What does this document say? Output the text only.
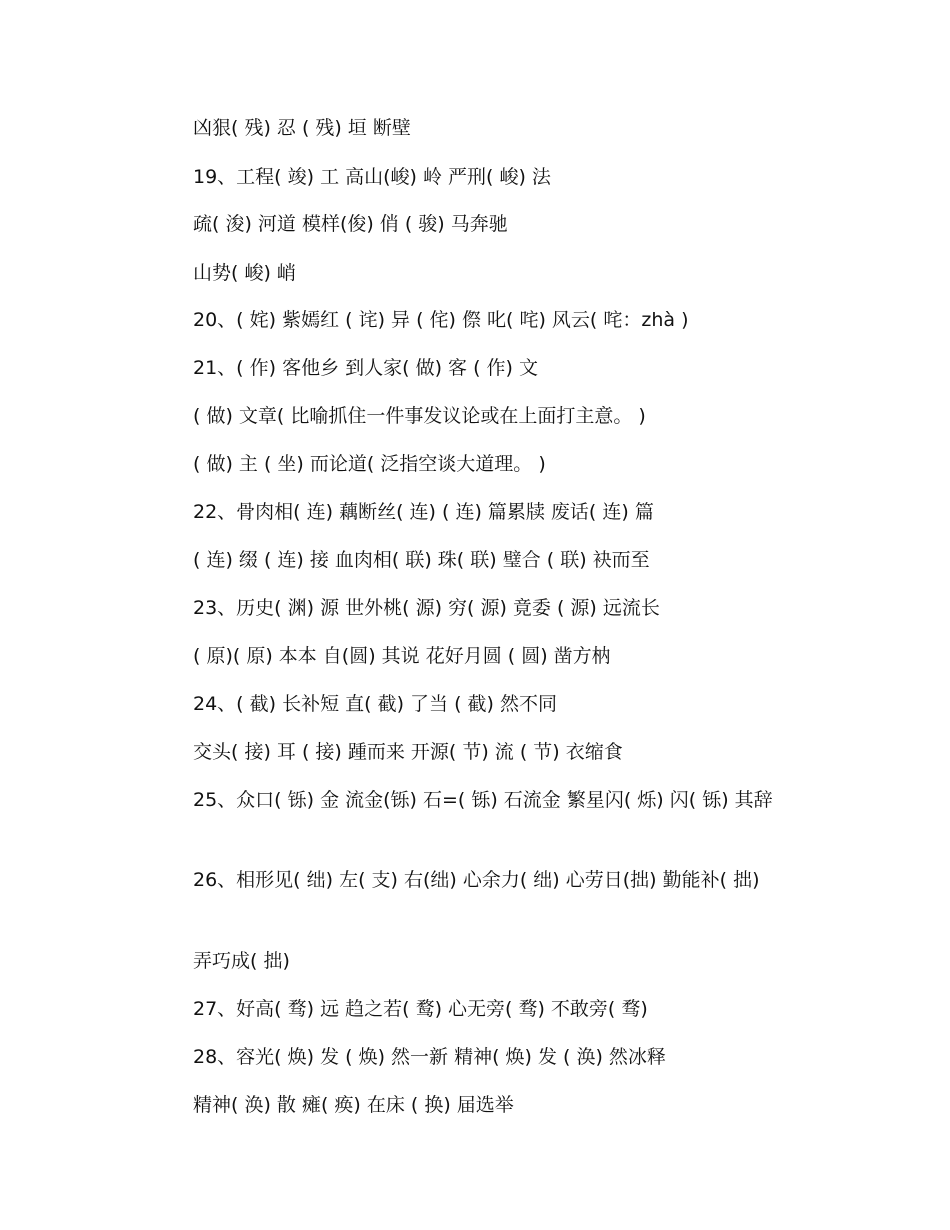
凶狠( 残) 忍 ( 残) 垣 断壁
19、工程( 竣) 工 高山(峻) 岭 严刑( 峻) 法
疏( 浚) 河道 模样(俊) 俏 ( 骏) 马奔驰
山势( 峻) 峭
20、( 姹) 紫嫣红 ( 诧) 异 ( 侘) 傺 叱( 咤) 风云( 咤：zhà )
21、( 作) 客他乡 到人家( 做) 客 ( 作) 文
( 做) 文章( 比喻抓住一件事发议论或在上面打主意。 )
( 做) 主 ( 坐) 而论道( 泛指空谈大道理。 )
22、骨肉相( 连) 藕断丝( 连) ( 连) 篇累牍 废话( 连) 篇
( 连) 缀 ( 连) 接 血肉相( 联) 珠( 联) 璧合 ( 联) 袂而至
23、历史( 渊) 源 世外桃( 源) 穷( 源) 竟委 ( 源) 远流长
( 原)( 原) 本本 自(圆) 其说 花好月圆 ( 圆) 凿方枘
24、( 截) 长补短 直( 截) 了当 ( 截) 然不同
交头( 接) 耳 ( 接) 踵而来 开源( 节) 流 ( 节) 衣缩食
25、众口( 铄) 金 流金(铄) 石=( 铄) 石流金 繁星闪( 烁) 闪( 铄) 其辞
26、相形见( 绌) 左( 支) 右(绌) 心余力( 绌) 心劳日(拙) 勤能补( 拙)
弄巧成( 拙)
27、好高( 骛) 远 趋之若( 鹜) 心无旁( 骛) 不敢旁( 骛)
28、容光( 焕) 发 ( 焕) 然一新 精神( 焕) 发 ( 涣) 然冰释
精神( 涣) 散 瘫( 痪) 在床 ( 换) 届选举
